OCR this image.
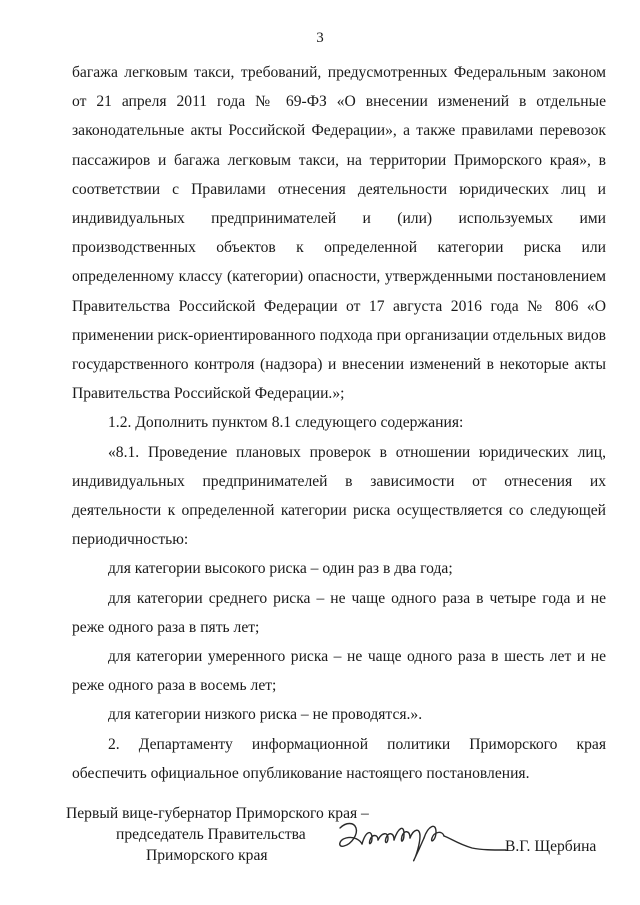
3

багажа легковым такси, требований, предусмотренных Федеральным законом от 21 апреля 2011 года № 69-ФЗ «О внесении изменений в отдельные законодательные акты Российской Федерации», а также правилами перевозок пассажиров и багажа легковым такси, на территории Приморского края», в соответствии с Правилами отнесения деятельности юридических лиц и индивидуальных предпринимателей и (или) используемых ими производственных объектов к определенной категории риска или определенному классу (категории) опасности, утвержденными постановлением Правительства Российской Федерации от 17 августа 2016 года № 806 «О применении риск-ориентированного подхода при организации отдельных видов государственного контроля (надзора) и внесении изменений в некоторые акты Правительства Российской Федерации.»;

1.2. Дополнить пунктом 8.1 следующего содержания:

«8.1. Проведение плановых проверок в отношении юридических лиц, индивидуальных предпринимателей в зависимости от отнесения их деятельности к определенной категории риска осуществляется со следующей периодичностью:

для категории высокого риска – один раз в два года;

для категории среднего риска – не чаще одного раза в четыре года и не реже одного раза в пять лет;

для категории умеренного риска – не чаще одного раза в шесть лет и не реже одного раза в восемь лет;

для категории низкого риска – не проводятся.».

2. Департаменту информационной политики Приморского края обеспечить официальное опубликование настоящего постановления.

Первый вице-губернатор Приморского края –
председатель Правительства
Приморского края
В.Г. Щербина
